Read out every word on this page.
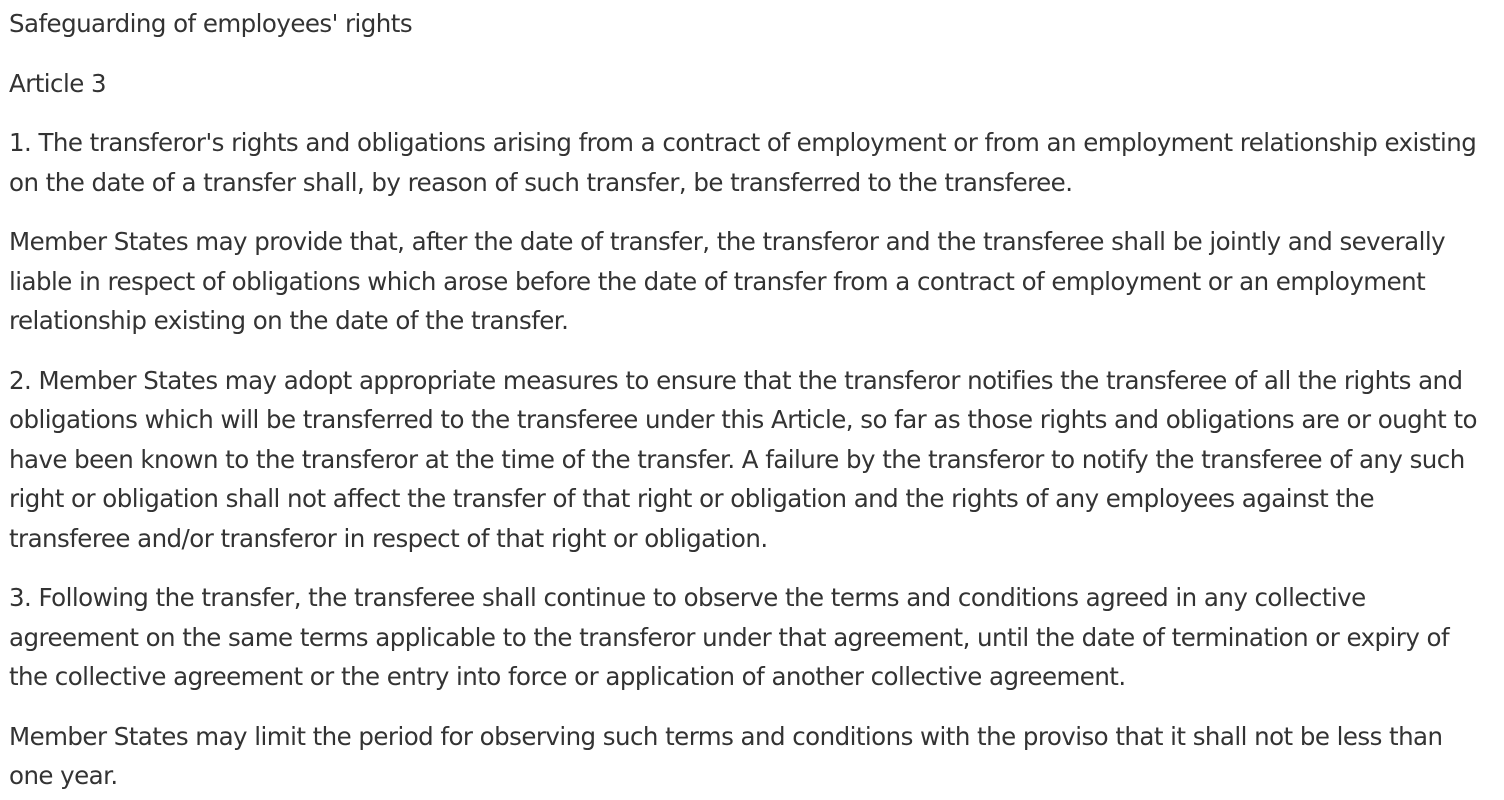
Safeguarding of employees' rights

Article 3

1. The transferor's rights and obligations arising from a contract of employment or from an employment relationship existing on the date of a transfer shall, by reason of such transfer, be transferred to the transferee.

Member States may provide that, after the date of transfer, the transferor and the transferee shall be jointly and severally liable in respect of obligations which arose before the date of transfer from a contract of employment or an employment relationship existing on the date of the transfer.

2. Member States may adopt appropriate measures to ensure that the transferor notifies the transferee of all the rights and obligations which will be transferred to the transferee under this Article, so far as those rights and obligations are or ought to have been known to the transferor at the time of the transfer. A failure by the transferor to notify the transferee of any such right or obligation shall not affect the transfer of that right or obligation and the rights of any employees against the transferee and/or transferor in respect of that right or obligation.

3. Following the transfer, the transferee shall continue to observe the terms and conditions agreed in any collective agreement on the same terms applicable to the transferor under that agreement, until the date of termination or expiry of the collective agreement or the entry into force or application of another collective agreement.

Member States may limit the period for observing such terms and conditions with the proviso that it shall not be less than one year.
